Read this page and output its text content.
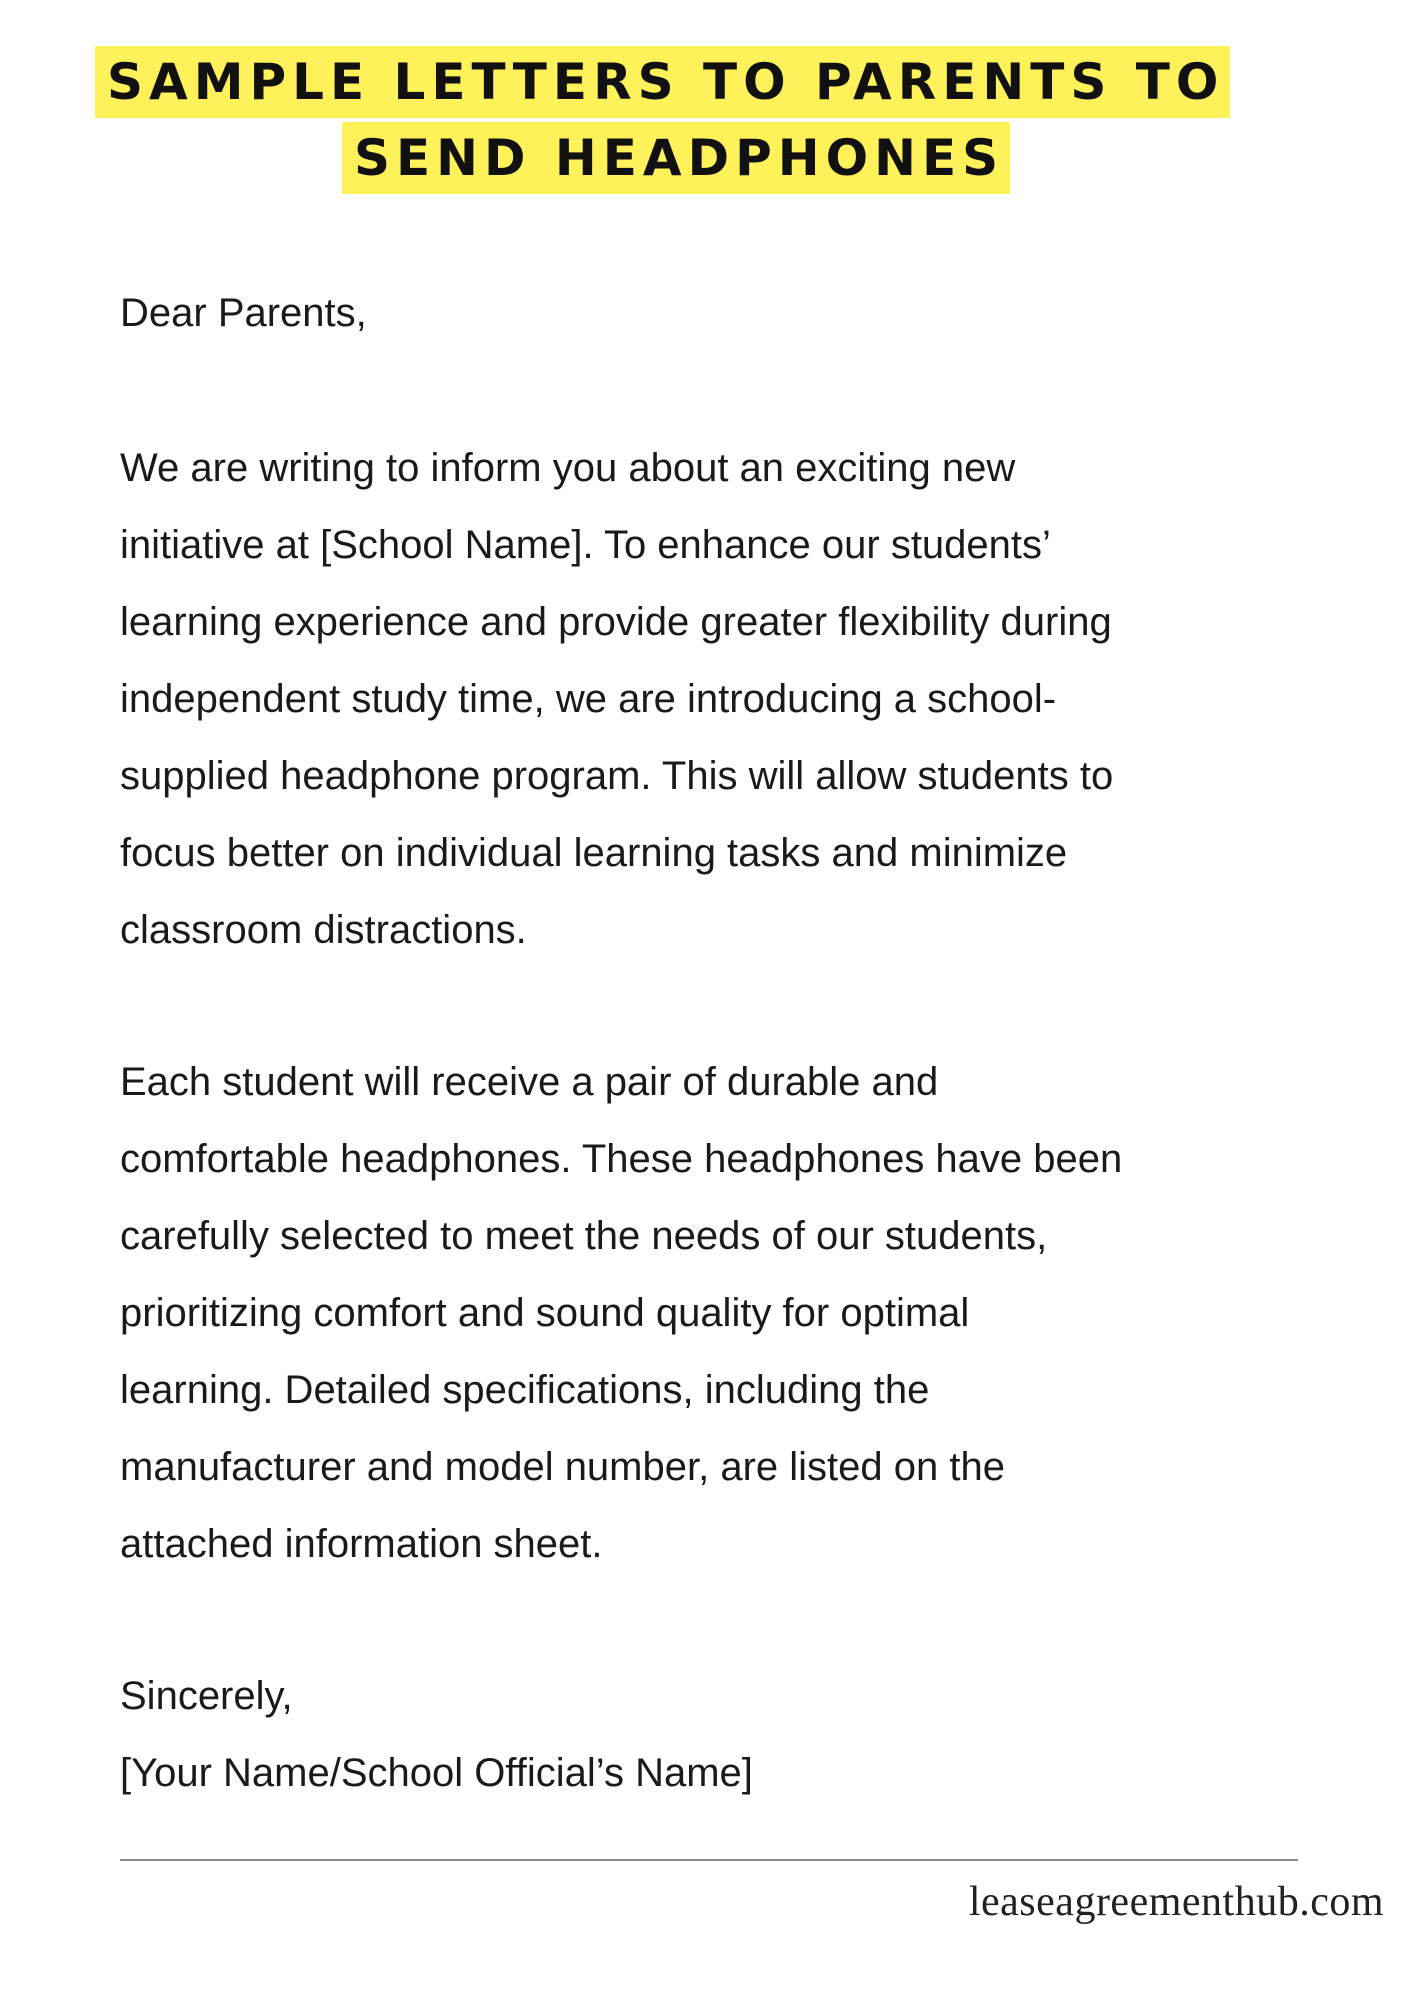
SAMPLE LETTERS TO PARENTS TO
SEND HEADPHONES
Dear Parents,
We are writing to inform you about an exciting new
initiative at [School Name]. To enhance our students’
learning experience and provide greater flexibility during
independent study time, we are introducing a school-
supplied headphone program. This will allow students to
focus better on individual learning tasks and minimize
classroom distractions.
Each student will receive a pair of durable and
comfortable headphones. These headphones have been
carefully selected to meet the needs of our students,
prioritizing comfort and sound quality for optimal
learning. Detailed specifications, including the
manufacturer and model number, are listed on the
attached information sheet.
Sincerely,
[Your Name/School Official’s Name]
leaseagreementhub.com
